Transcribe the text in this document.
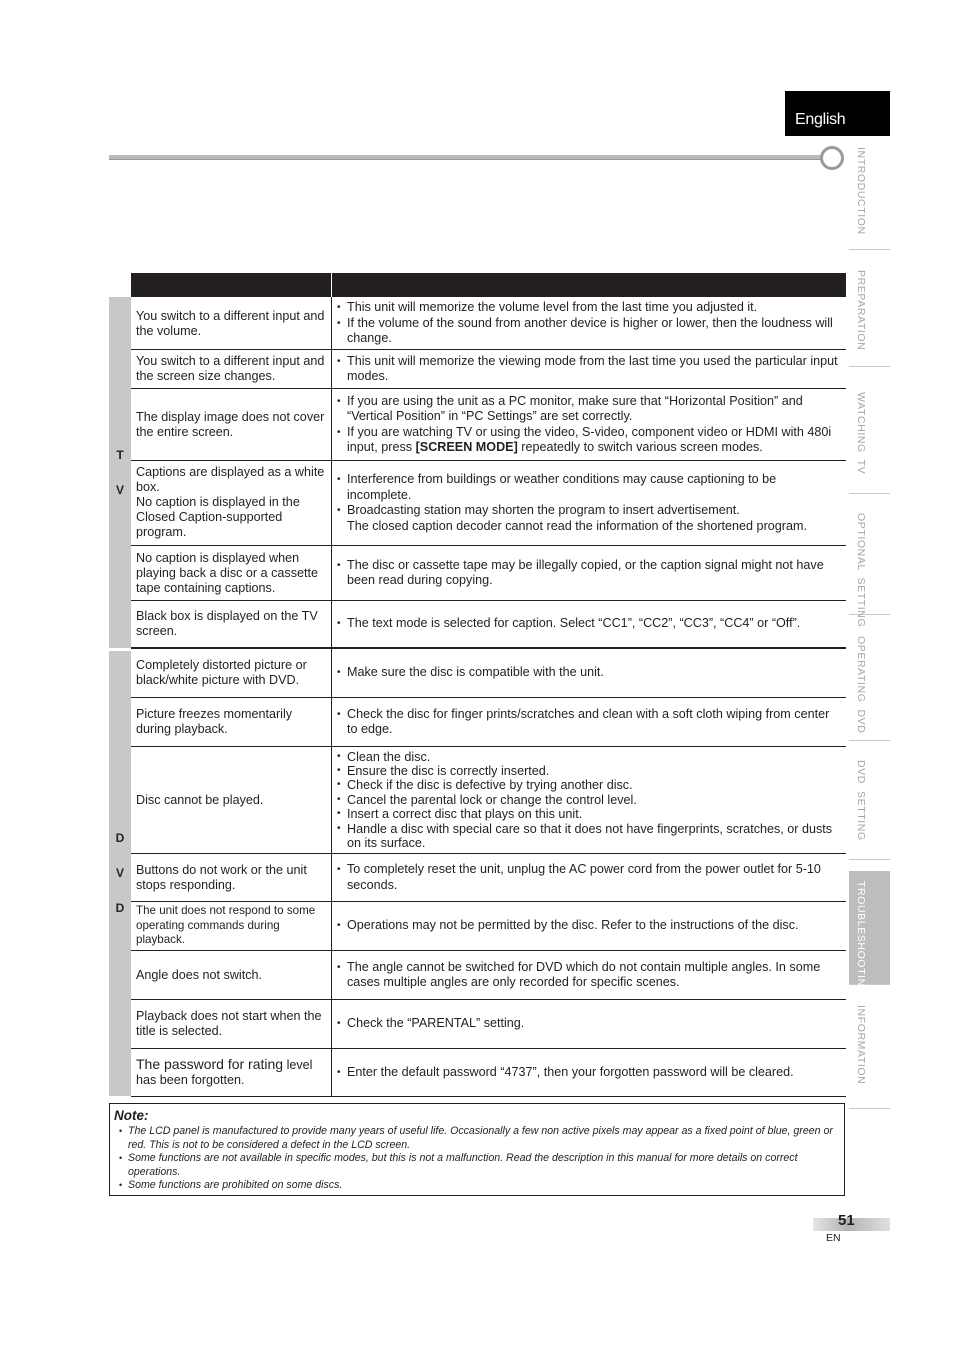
English
INTRODUCTION
PREPARATION
WATCHING  TV
OPTIONAL  SETTING
OPERATING  DVD
DVD  SETTING
TROUBLESHOOTING
INFORMATION
T
V
D
V
D
Symptom	Remedy
You switch to a different input and the volume.
• This unit will memorize the volume level from the last time you adjusted it.
• If the volume of the sound from another device is higher or lower, then the loudness will change.
You switch to a different input and the screen size changes.
• This unit will memorize the viewing mode from the last time you used the particular input modes.
The display image does not cover the entire screen.
• If you are using the unit as a PC monitor, make sure that “Horizontal Position” and “Vertical Position” in “PC Settings” are set correctly.
• If you are watching TV or using the video, S-video, component video or HDMI with 480i input, press [SCREEN MODE] repeatedly to switch various screen modes.
Captions are displayed as a white box.
No caption is displayed in the Closed Caption-supported program.
• Interference from buildings or weather conditions may cause captioning to be incomplete.
• Broadcasting station may shorten the program to insert advertisement.
The closed caption decoder cannot read the information of the shortened program.
No caption is displayed when playing back a disc or a cassette tape containing captions.
• The disc or cassette tape may be illegally copied, or the caption signal might not have been read during copying.
Black box is displayed on the TV screen.
• The text mode is selected for caption. Select “CC1”, “CC2”, “CC3”, “CC4” or “Off”.
Completely distorted picture or black/white picture with DVD.
• Make sure the disc is compatible with the unit.
Picture freezes momentarily during playback.
• Check the disc for finger prints/scratches and clean with a soft cloth wiping from center to edge.
Disc cannot be played.
• Clean the disc.
• Ensure the disc is correctly inserted.
• Check if the disc is defective by trying another disc.
• Cancel the parental lock or change the control level.
• Insert a correct disc that plays on this unit.
• Handle a disc with special care so that it does not have fingerprints, scratches, or dusts on its surface.
Buttons do not work or the unit stops responding.
• To completely reset the unit, unplug the AC power cord from the power outlet for 5-10 seconds.
The unit does not respond to some operating commands during playback.
• Operations may not be permitted by the disc. Refer to the instructions of the disc.
Angle does not switch.
• The angle cannot be switched for DVD which do not contain multiple angles. In some cases multiple angles are only recorded for specific scenes.
Playback does not start when the title is selected.
• Check the “PARENTAL” setting.
The password for rating level has been forgotten.
• Enter the default password “4737”, then your forgotten password will be cleared.
Note:
• The LCD panel is manufactured to provide many years of useful life. Occasionally a few non active pixels may appear as a fixed point of blue, green or red. This is not to be considered a defect in the LCD screen.
• Some functions are not available in specific modes, but this is not a malfunction. Read the description in this manual for more details on correct operations.
• Some functions are prohibited on some discs.
51
EN
